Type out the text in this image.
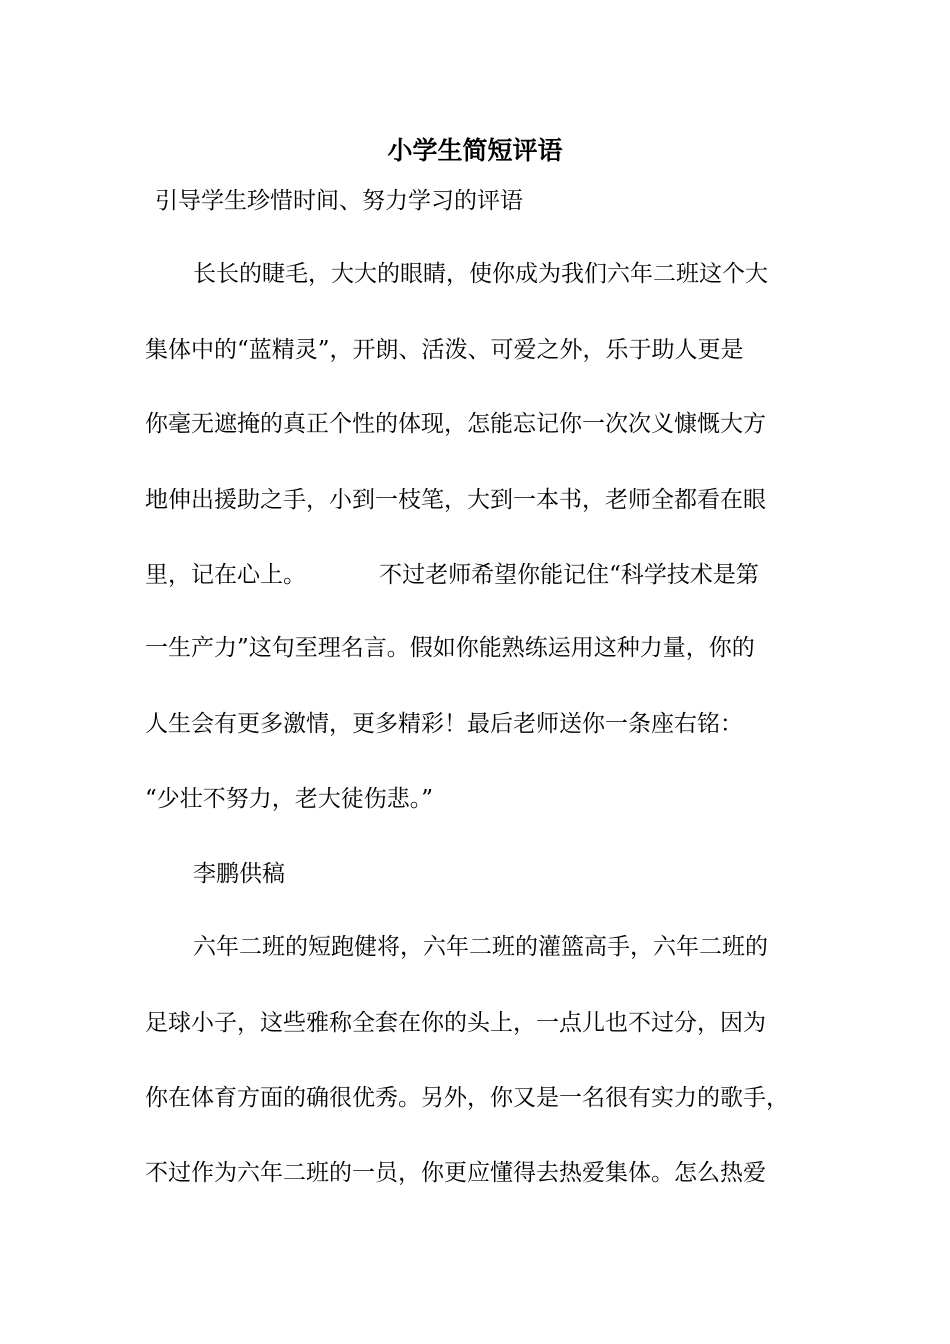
小学生简短评语

引导学生珍惜时间、努力学习的评语

长长的睫毛，大大的眼睛，使你成为我们六年二班这个大

集体中的“蓝精灵”，开朗、活泼、可爱之外，乐于助人更是

你毫无遮掩的真正个性的体现，怎能忘记你一次次义慷慨大方

地伸出援助之手，小到一枝笔，大到一本书，老师全都看在眼

里，记在心上。          不过老师希望你能记住“科学技术是第

一生产力”这句至理名言。假如你能熟练运用这种力量，你的

人生会有更多激情，更多精彩！最后老师送你一条座右铭：

“少壮不努力，老大徒伤悲。”

李鹏供稿

六年二班的短跑健将，六年二班的灌篮高手，六年二班的

足球小子，这些雅称全套在你的头上，一点儿也不过分，因为

你在体育方面的确很优秀。另外，你又是一名很有实力的歌手，

不过作为六年二班的一员，你更应懂得去热爱集体。怎么热爱
